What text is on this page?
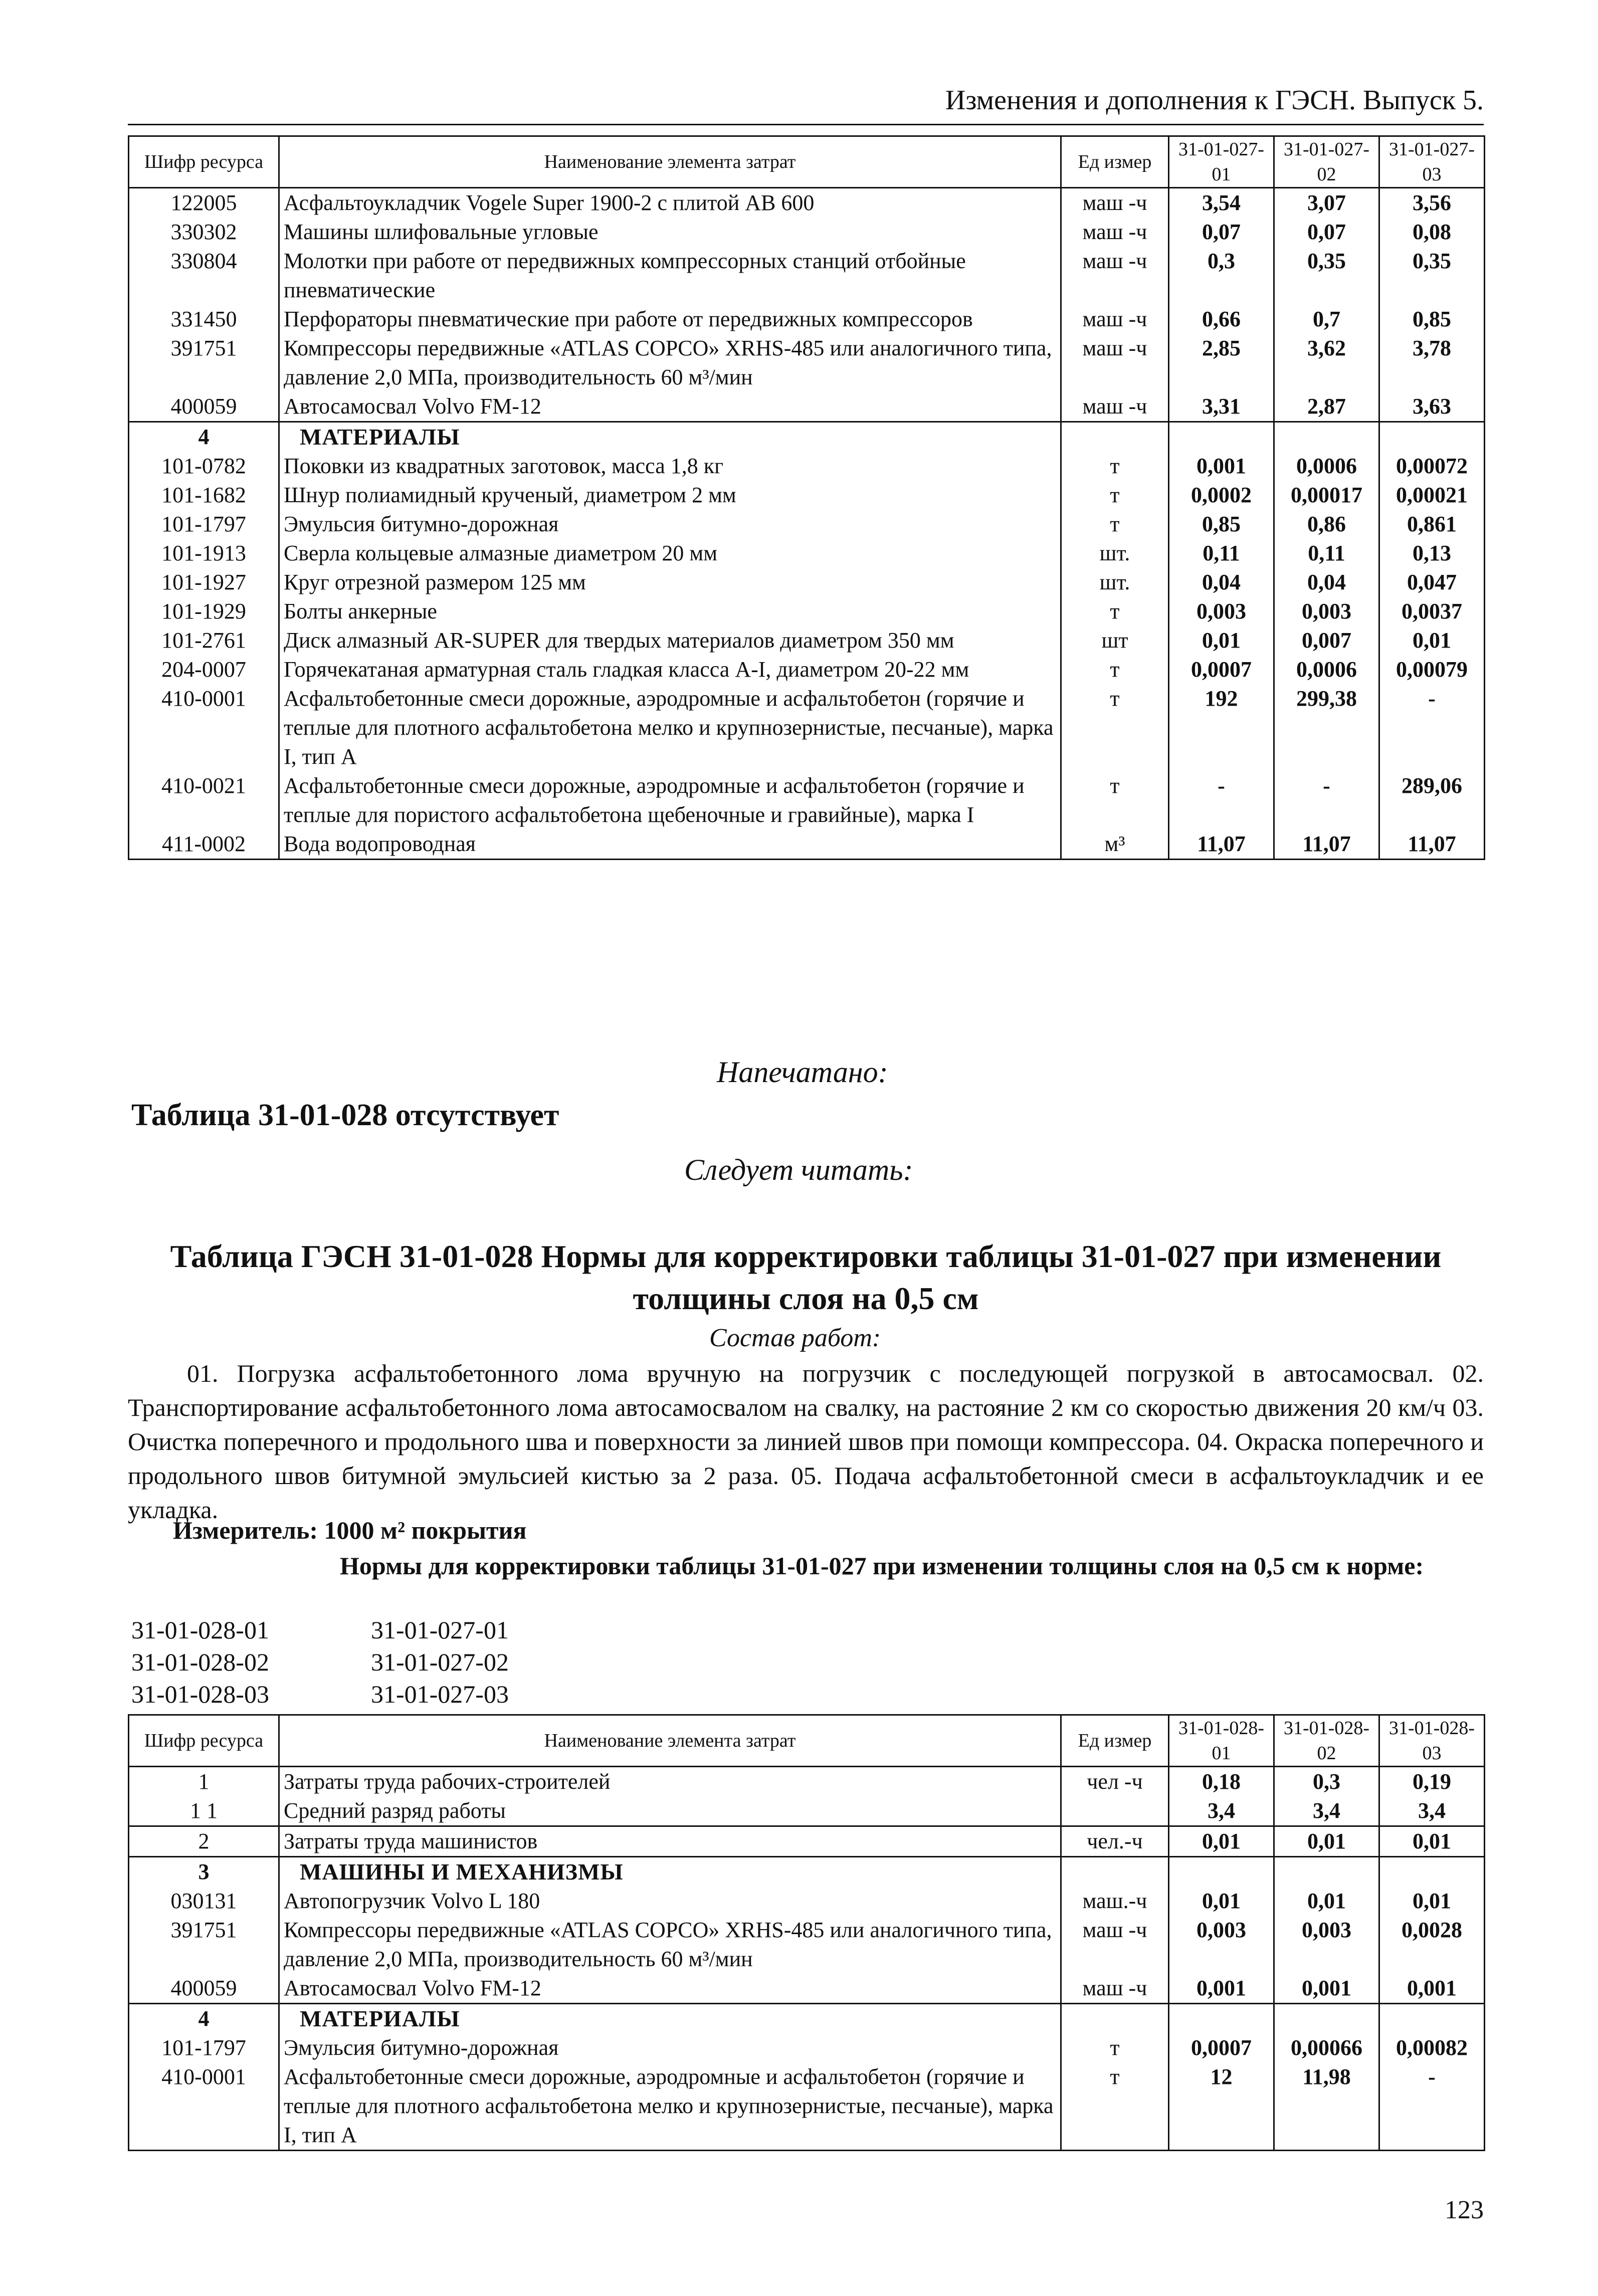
Изменения и дополнения к ГЭСН. Выпуск 5.
Шифр ресурса	Наименование элемента затрат	Ед измер	31-01-027-01	31-01-027-02	31-01-027-03
122005	Асфальтоукладчик Vogele Super 1900-2 с плитой АВ 600	маш -ч	3,54	3,07	3,56
330302	Машины шлифовальные угловые	маш -ч	0,07	0,07	0,08
330804	Молотки при работе от передвижных компрессорных станций отбойные пневматические	маш -ч	0,3	0,35	0,35
331450	Перфораторы пневматические при работе от передвижных компрессоров	маш -ч	0,66	0,7	0,85
391751	Компрессоры передвижные «ATLAS COPCO» XRHS-485 или аналогичного типа, давление 2,0 МПа, производительность 60 м³/мин	маш -ч	2,85	3,62	3,78
400059	Автосамосвал Volvo FM-12	маш -ч	3,31	2,87	3,63
4	МАТЕРИАЛЫ				
101-0782	Поковки из квадратных заготовок, масса 1,8 кг	т	0,001	0,0006	0,00072
101-1682	Шнур полиамидный крученый, диаметром 2 мм	т	0,0002	0,00017	0,00021
101-1797	Эмульсия битумно-дорожная	т	0,85	0,86	0,861
101-1913	Сверла кольцевые алмазные диаметром 20 мм	шт.	0,11	0,11	0,13
101-1927	Круг отрезной размером 125 мм	шт.	0,04	0,04	0,047
101-1929	Болты анкерные	т	0,003	0,003	0,0037
101-2761	Диск алмазный AR-SUPER для твердых материалов диаметром 350 мм	шт	0,01	0,007	0,01
204-0007	Горячекатаная арматурная сталь гладкая класса А-I, диаметром 20-22 мм	т	0,0007	0,0006	0,00079
410-0001	Асфальтобетонные смеси дорожные, аэродромные и асфальтобетон (горячие и теплые для плотного асфальтобетона мелко и крупнозернистые, песчаные), марка I, тип А	т	192	299,38	-
410-0021	Асфальтобетонные смеси дорожные, аэродромные и асфальтобетон (горячие и теплые для пористого асфальтобетона щебеночные и гравийные), марка I	т	-	-	289,06
411-0002	Вода водопроводная	м³	11,07	11,07	11,07
Напечатано:
Таблица 31-01-028 отсутствует
Следует читать:
Таблица ГЭСН 31-01-028 Нормы для корректировки таблицы 31-01-027 при изменении толщины слоя на 0,5 см
Состав работ:
01. Погрузка асфальтобетонного лома вручную на погрузчик с последующей погрузкой в автосамосвал. 02. Транспортирование асфальтобетонного лома автосамосвалом на свалку, на растояние 2 км со скоростью движения 20 км/ч 03. Очистка поперечного и продольного шва и поверхности за линией швов при помощи компрессора. 04. Окраска поперечного и продольного швов битумной эмульсией кистью за 2 раза. 05. Подача асфальтобетонной смеси в асфальтоукладчик и ее укладка.
Измеритель: 1000 м² покрытия
Нормы для корректировки таблицы 31-01-027 при изменении толщины слоя на 0,5 см к норме:
31-01-028-01	31-01-027-01
31-01-028-02	31-01-027-02
31-01-028-03	31-01-027-03
Шифр ресурса	Наименование элемента затрат	Ед измер	31-01-028-01	31-01-028-02	31-01-028-03
1	Затраты труда рабочих-строителей	чел -ч	0,18	0,3	0,19
1 1	Средний разряд работы		3,4	3,4	3,4
2	Затраты труда машинистов	чел.-ч	0,01	0,01	0,01
3	МАШИНЫ И МЕХАНИЗМЫ				
030131	Автопогрузчик Volvo L 180	маш.-ч	0,01	0,01	0,01
391751	Компрессоры передвижные «ATLAS COPCO» XRHS-485 или аналогичного типа, давление 2,0 МПа, производительность 60 м³/мин	маш -ч	0,003	0,003	0,0028
400059	Автосамосвал Volvo FM-12	маш -ч	0,001	0,001	0,001
4	МАТЕРИАЛЫ				
101-1797	Эмульсия битумно-дорожная	т	0,0007	0,00066	0,00082
410-0001	Асфальтобетонные смеси дорожные, аэродромные и асфальтобетон (горячие и теплые для плотного асфальтобетона мелко и крупнозернистые, песчаные), марка I, тип А	т	12	11,98	-
123
